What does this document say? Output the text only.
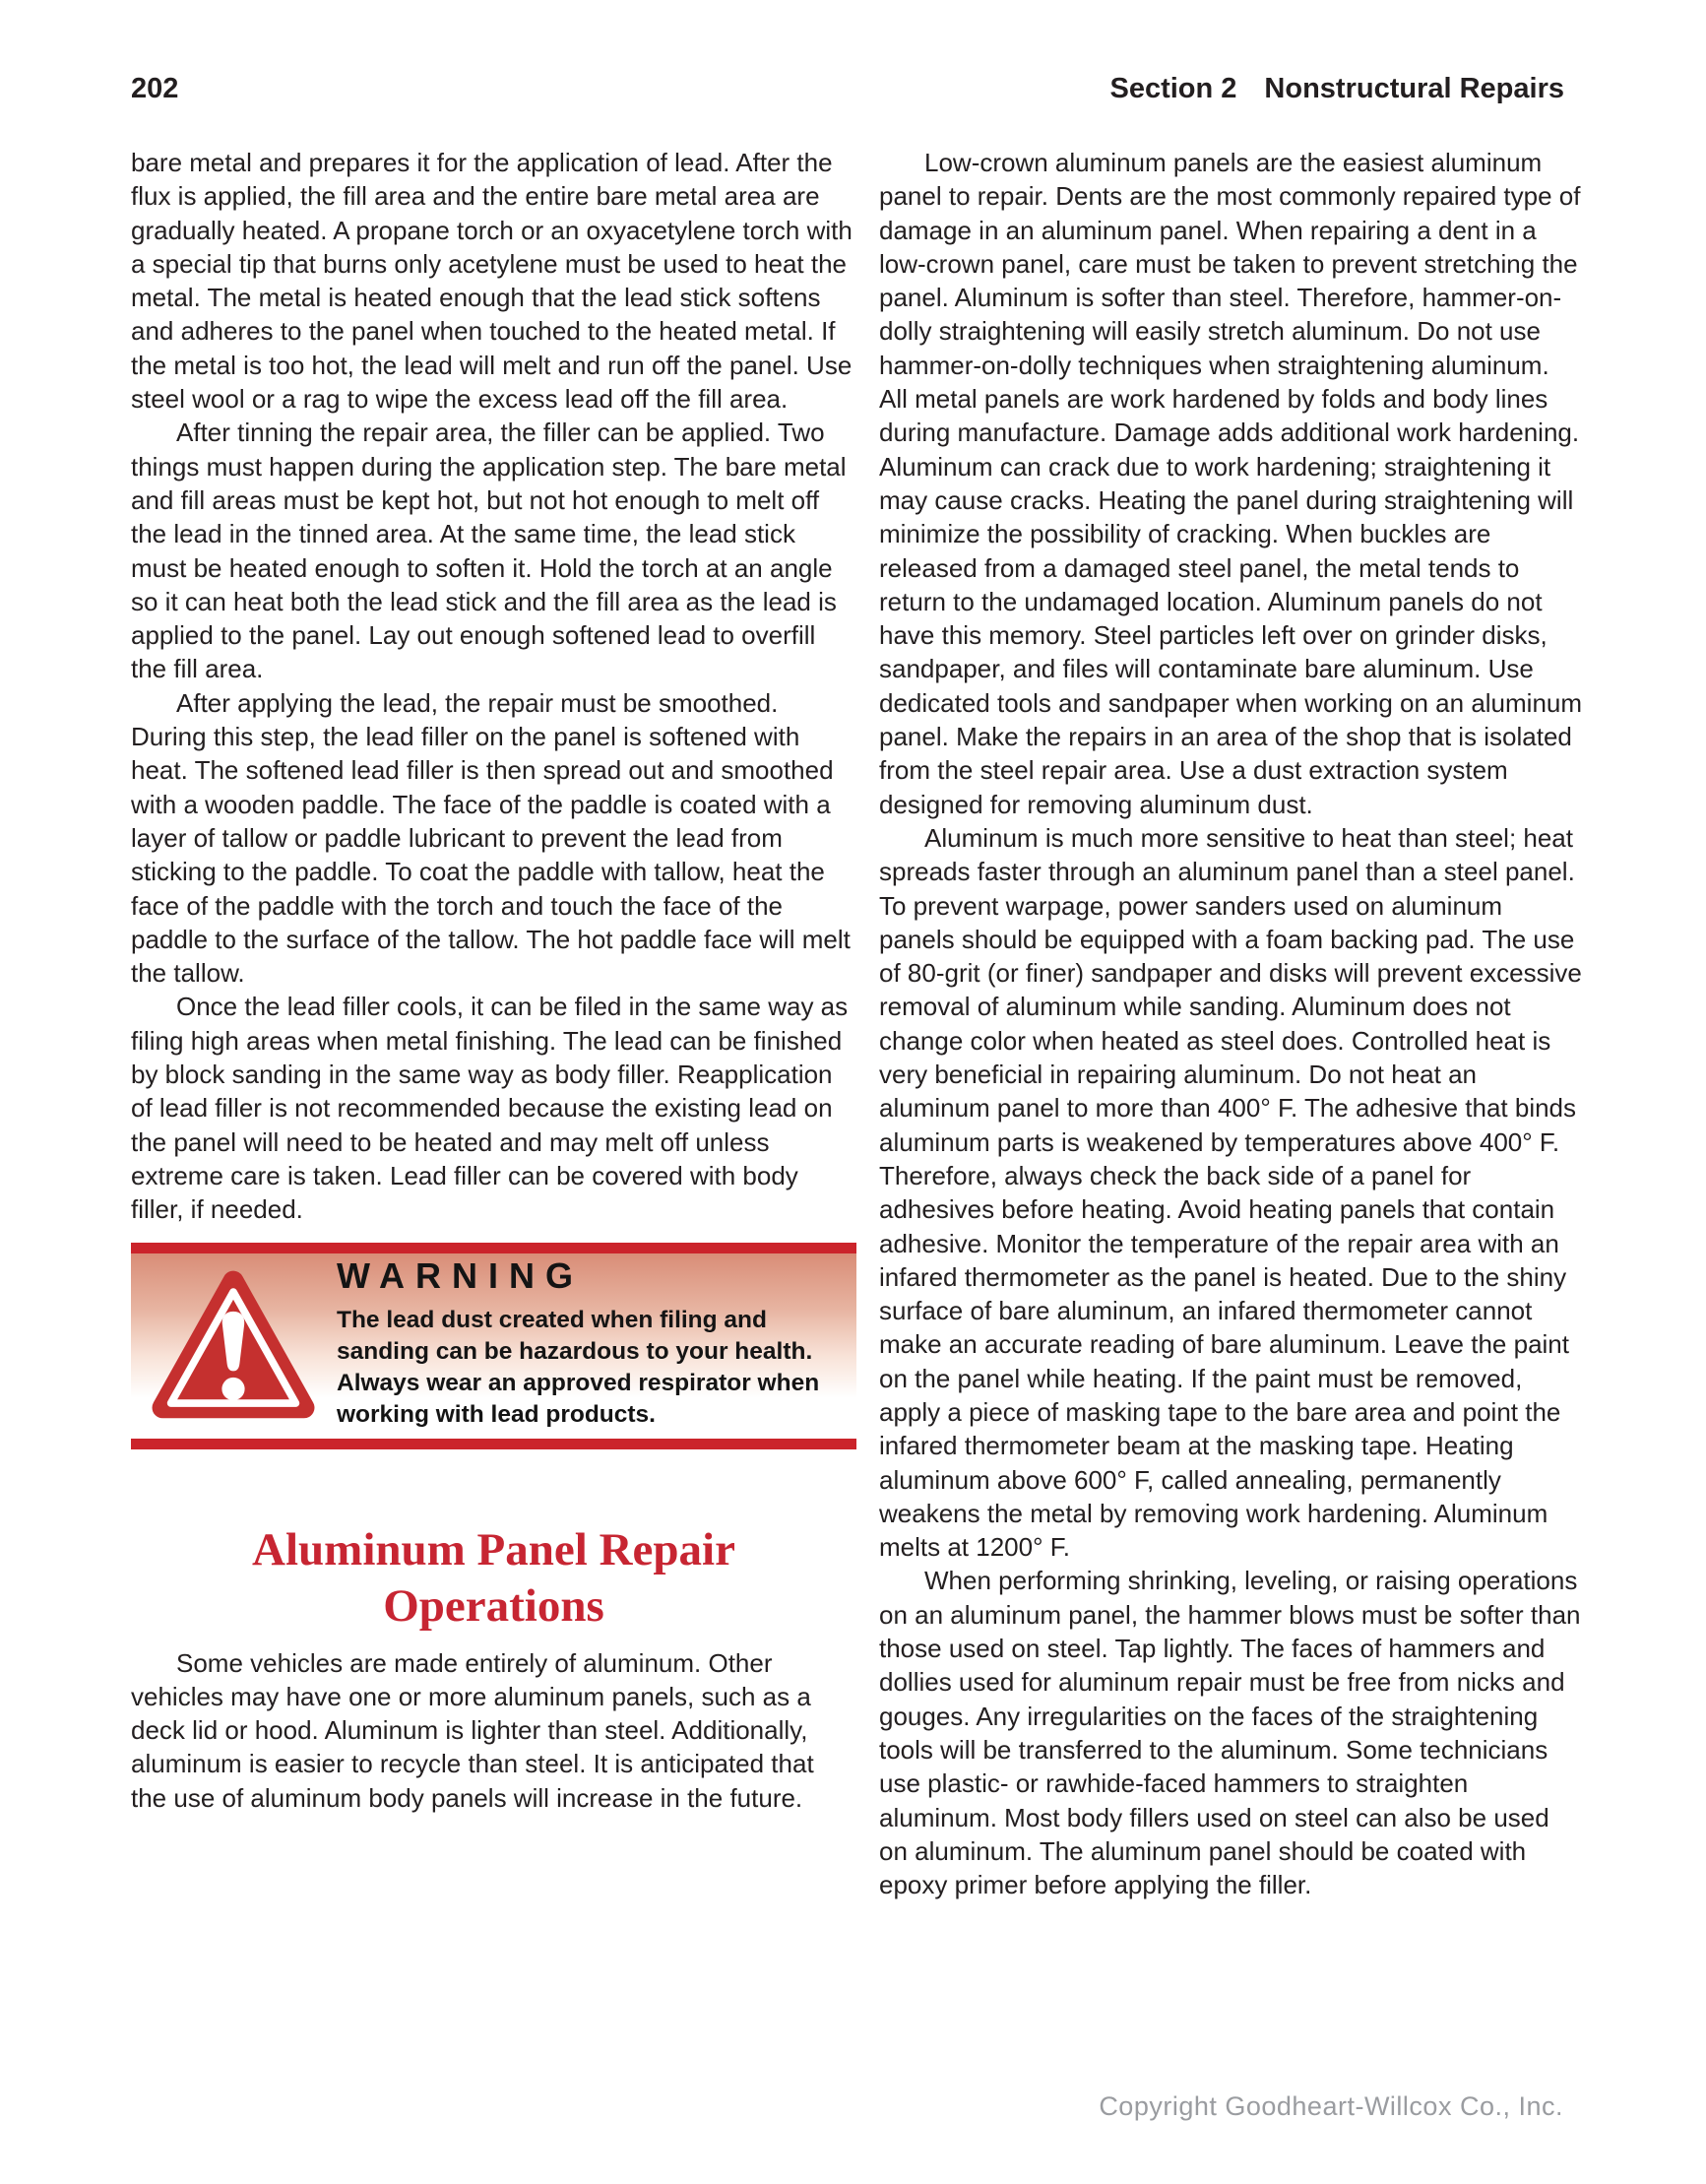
202	Section 2 Nonstructural Repairs

bare metal and prepares it for the application of lead. After the flux is applied, the fill area and the entire bare metal area are gradually heated. A propane torch or an oxyacetylene torch with a special tip that burns only acetylene must be used to heat the metal. The metal is heated enough that the lead stick softens and adheres to the panel when touched to the heated metal. If the metal is too hot, the lead will melt and run off the panel. Use steel wool or a rag to wipe the excess lead off the fill area.

After tinning the repair area, the filler can be applied. Two things must happen during the application step. The bare metal and fill areas must be kept hot, but not hot enough to melt off the lead in the tinned area. At the same time, the lead stick must be heated enough to soften it. Hold the torch at an angle so it can heat both the lead stick and the fill area as the lead is applied to the panel. Lay out enough softened lead to overfill the fill area.

After applying the lead, the repair must be smoothed. During this step, the lead filler on the panel is softened with heat. The softened lead filler is then spread out and smoothed with a wooden paddle. The face of the paddle is coated with a layer of tallow or paddle lubricant to prevent the lead from sticking to the paddle. To coat the paddle with tallow, heat the face of the paddle with the torch and touch the face of the paddle to the surface of the tallow. The hot paddle face will melt the tallow.

Once the lead filler cools, it can be filed in the same way as filing high areas when metal finishing. The lead can be finished by block sanding in the same way as body filler. Reapplication of lead filler is not recommended because the existing lead on the panel will need to be heated and may melt off unless extreme care is taken. Lead filler can be covered with body filler, if needed.

WARNING
The lead dust created when filing and sanding can be hazardous to your health. Always wear an approved respirator when working with lead products.
Aluminum Panel Repair
Operations

Some vehicles are made entirely of aluminum. Other vehicles may have one or more aluminum panels, such as a deck lid or hood. Aluminum is lighter than steel. Additionally, aluminum is easier to recycle than steel. It is anticipated that the use of aluminum body panels will increase in the future.

Low-crown aluminum panels are the easiest aluminum panel to repair. Dents are the most commonly repaired type of damage in an aluminum panel. When repairing a dent in a low-crown panel, care must be taken to prevent stretching the panel. Aluminum is softer than steel. Therefore, hammer-on-dolly straightening will easily stretch aluminum. Do not use hammer-on-dolly techniques when straightening aluminum. All metal panels are work hardened by folds and body lines during manufacture. Damage adds additional work hardening. Aluminum can crack due to work hardening; straightening it may cause cracks. Heating the panel during straightening will minimize the possibility of cracking. When buckles are released from a damaged steel panel, the metal tends to return to the undamaged location. Aluminum panels do not have this memory. Steel particles left over on grinder disks, sandpaper, and files will contaminate bare aluminum. Use dedicated tools and sandpaper when working on an aluminum panel. Make the repairs in an area of the shop that is isolated from the steel repair area. Use a dust extraction system designed for removing aluminum dust.

Aluminum is much more sensitive to heat than steel; heat spreads faster through an aluminum panel than a steel panel. To prevent warpage, power sanders used on aluminum panels should be equipped with a foam backing pad. The use of 80-grit (or finer) sandpaper and disks will prevent excessive removal of aluminum while sanding. Aluminum does not change color when heated as steel does. Controlled heat is very beneficial in repairing aluminum. Do not heat an aluminum panel to more than 400° F. The adhesive that binds aluminum parts is weakened by temperatures above 400° F. Therefore, always check the back side of a panel for adhesives before heating. Avoid heating panels that contain adhesive. Monitor the temperature of the repair area with an infared thermometer as the panel is heated. Due to the shiny surface of bare aluminum, an infared thermometer cannot make an accurate reading of bare aluminum. Leave the paint on the panel while heating. If the paint must be removed, apply a piece of masking tape to the bare area and point the infared thermometer beam at the masking tape. Heating aluminum above 600° F, called annealing, permanently weakens the metal by removing work hardening. Aluminum melts at 1200° F.

When performing shrinking, leveling, or raising operations on an aluminum panel, the hammer blows must be softer than those used on steel. Tap lightly. The faces of hammers and dollies used for aluminum repair must be free from nicks and gouges. Any irregularities on the faces of the straightening tools will be transferred to the aluminum. Some technicians use plastic- or rawhide-faced hammers to straighten aluminum. Most body fillers used on steel can also be used on aluminum. The aluminum panel should be coated with epoxy primer before applying the filler.

Copyright Goodheart-Willcox Co., Inc.
